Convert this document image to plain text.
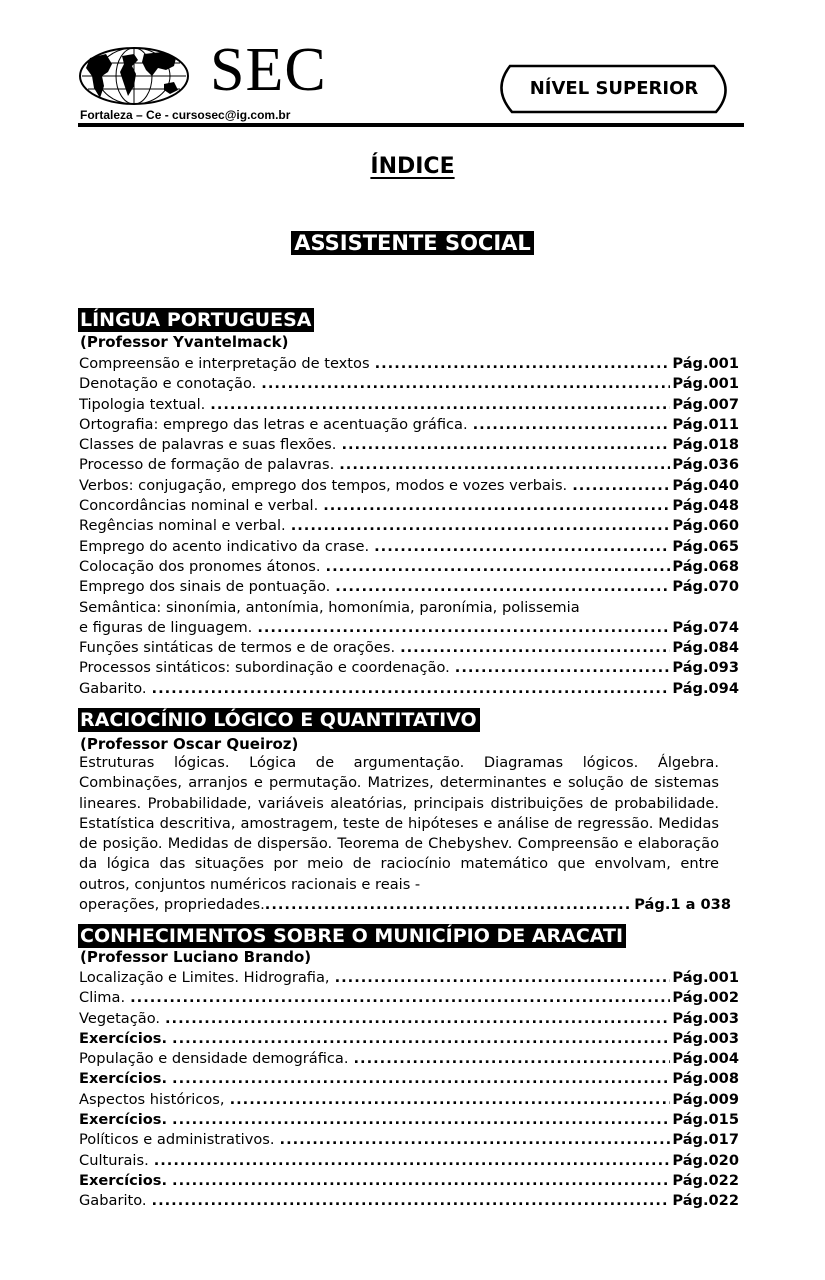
SEC
Fortaleza – Ce - cursosec@ig.com.br
NÍVEL SUPERIOR
ÍNDICE
ASSISTENTE SOCIAL
LÍNGUA PORTUGUESA
(Professor Yvantelmack)
Compreensão e interpretação de textos .....	Pág.001
Denotação e conotação. .....	Pág.001
Tipologia textual. .....	Pág.007
Ortografia: emprego das letras e acentuação gráfica. .....	Pág.011
Classes de palavras e suas flexões. .....	Pág.018
Processo de formação de palavras. .....	Pág.036
Verbos: conjugação, emprego dos tempos, modos e vozes verbais. .....	Pág.040
Concordâncias nominal e verbal. .....	Pág.048
Regências nominal e verbal. .....	Pág.060
Emprego do acento indicativo da crase. .....	Pág.065
Colocação dos pronomes átonos. .....	Pág.068
Emprego dos sinais de pontuação. .....	Pág.070
Semântica: sinonímia, antonímia, homonímia, paronímia, polissemia
e figuras de linguagem. .....	Pág.074
Funções sintáticas de termos e de orações. .....	Pág.084
Processos sintáticos: subordinação e coordenação. .....	Pág.093
Gabarito. .....	Pág.094
RACIOCÍNIO LÓGICO E QUANTITATIVO
(Professor Oscar Queiroz)
Estruturas lógicas. Lógica de argumentação. Diagramas lógicos. Álgebra. Combinações, arranjos e permutação. Matrizes, determinantes e solução de sistemas lineares. Probabilidade, variáveis aleatórias, principais distribuições de probabilidade. Estatística descritiva, amostragem, teste de hipóteses e análise de regressão. Medidas de posição. Medidas de dispersão. Teorema de Chebyshev. Compreensão e elaboração da lógica das situações por meio de raciocínio matemático que envolvam, entre outros, conjuntos numéricos racionais e reais -
operações, propriedades. .....	Pág.1 a 038
CONHECIMENTOS SOBRE O MUNICÍPIO DE ARACATI
(Professor Luciano Brando)
Localização e Limites. Hidrografia, .....	Pág.001
Clima. .....	Pág.002
Vegetação. .....	Pág.003
Exercícios. .....	Pág.003
População e densidade demográfica. .....	Pág.004
Exercícios. .....	Pág.008
Aspectos históricos, .....	Pág.009
Exercícios. .....	Pág.015
Políticos e administrativos. .....	Pág.017
Culturais. .....	Pág.020
Exercícios. .....	Pág.022
Gabarito. .....	Pág.022
